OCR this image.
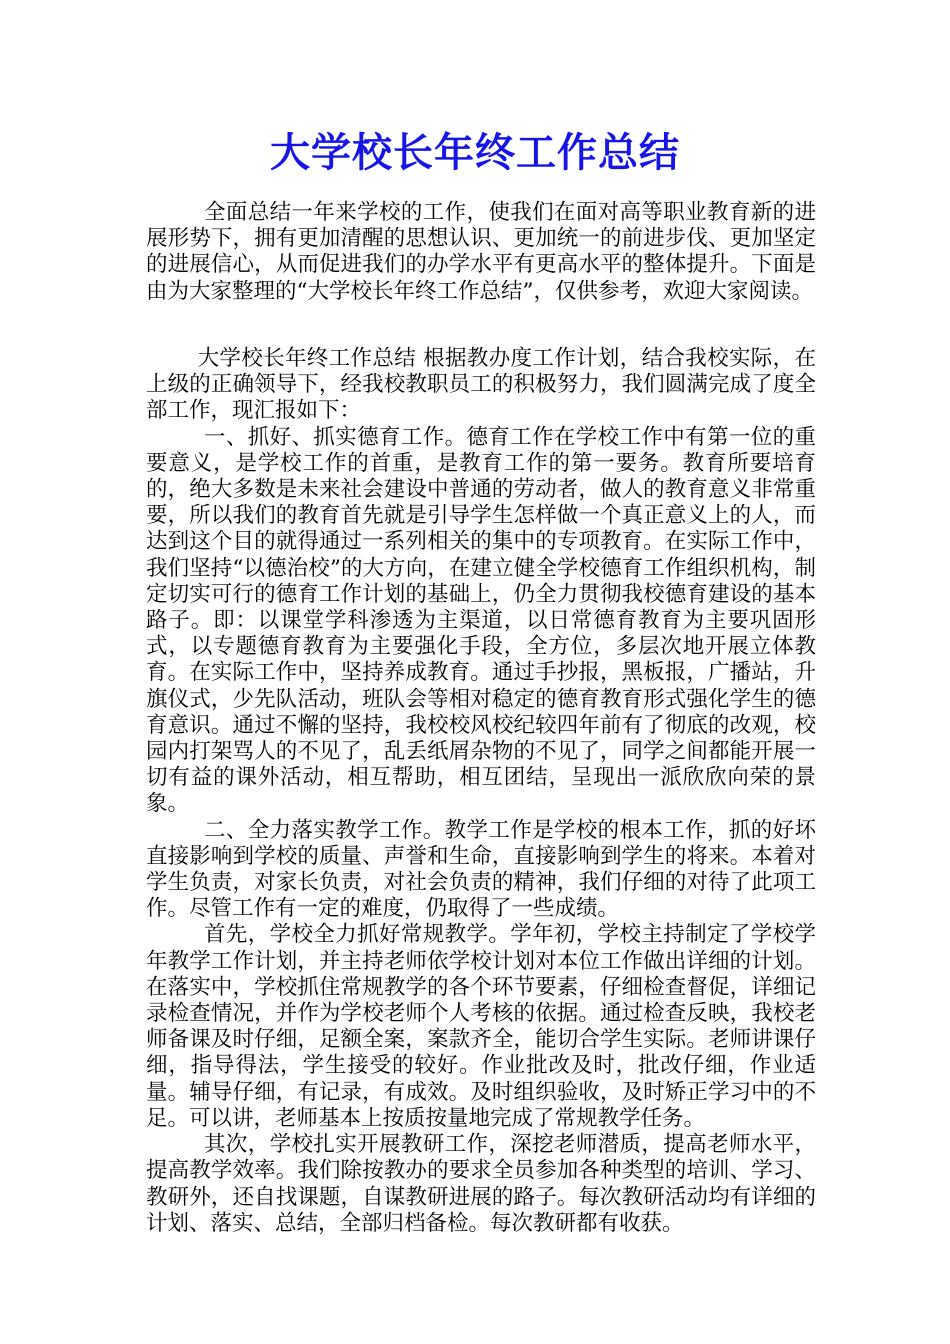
大学校长年终工作总结

全面总结一年来学校的工作，使我们在面对高等职业教育新的进展形势下，拥有更加清醒的思想认识、更加统一的前进步伐、更加坚定的进展信心，从而促进我们的办学水平有更高水平的整体提升。下面是由为大家整理的“大学校长年终工作总结”，仅供参考，欢迎大家阅读。

大学校长年终工作总结 根据教办度工作计划，结合我校实际，在上级的正确领导下，经我校教职员工的积极努力，我们圆满完成了度全部工作，现汇报如下：

一、抓好、抓实德育工作。德育工作在学校工作中有第一位的重要意义，是学校工作的首重，是教育工作的第一要务。教育所要培育的，绝大多数是未来社会建设中普通的劳动者，做人的教育意义非常重要，所以我们的教育首先就是引导学生怎样做一个真正意义上的人，而达到这个目的就得通过一系列相关的集中的专项教育。在实际工作中，我们坚持“以德治校”的大方向，在建立健全学校德育工作组织机构，制定切实可行的德育工作计划的基础上，仍全力贯彻我校德育建设的基本路子。即：以课堂学科渗透为主渠道，以日常德育教育为主要巩固形式，以专题德育教育为主要强化手段，全方位，多层次地开展立体教育。在实际工作中，坚持养成教育。通过手抄报，黑板报，广播站，升旗仪式，少先队活动，班队会等相对稳定的德育教育形式强化学生的德育意识。通过不懈的坚持，我校校风校纪较四年前有了彻底的改观，校园内打架骂人的不见了，乱丢纸屑杂物的不见了，同学之间都能开展一切有益的课外活动，相互帮助，相互团结，呈现出一派欣欣向荣的景象。

二、全力落实教学工作。教学工作是学校的根本工作，抓的好坏直接影响到学校的质量、声誉和生命，直接影响到学生的将来。本着对学生负责，对家长负责，对社会负责的精神，我们仔细的对待了此项工作。尽管工作有一定的难度，仍取得了一些成绩。

首先，学校全力抓好常规教学。学年初，学校主持制定了学校学年教学工作计划，并主持老师依学校计划对本位工作做出详细的计划。在落实中，学校抓住常规教学的各个环节要素，仔细检查督促，详细记录检查情况，并作为学校老师个人考核的依据。通过检查反映，我校老师备课及时仔细，足额全案，案款齐全，能切合学生实际。老师讲课仔细，指导得法，学生接受的较好。作业批改及时，批改仔细，作业适量。辅导仔细，有记录，有成效。及时组织验收，及时矫正学习中的不足。可以讲，老师基本上按质按量地完成了常规教学任务。

其次，学校扎实开展教研工作，深挖老师潜质，提高老师水平，提高教学效率。我们除按教办的要求全员参加各种类型的培训、学习、教研外，还自找课题，自谋教研进展的路子。每次教研活动均有详细的计划、落实、总结，全部归档备检。每次教研都有收获。
